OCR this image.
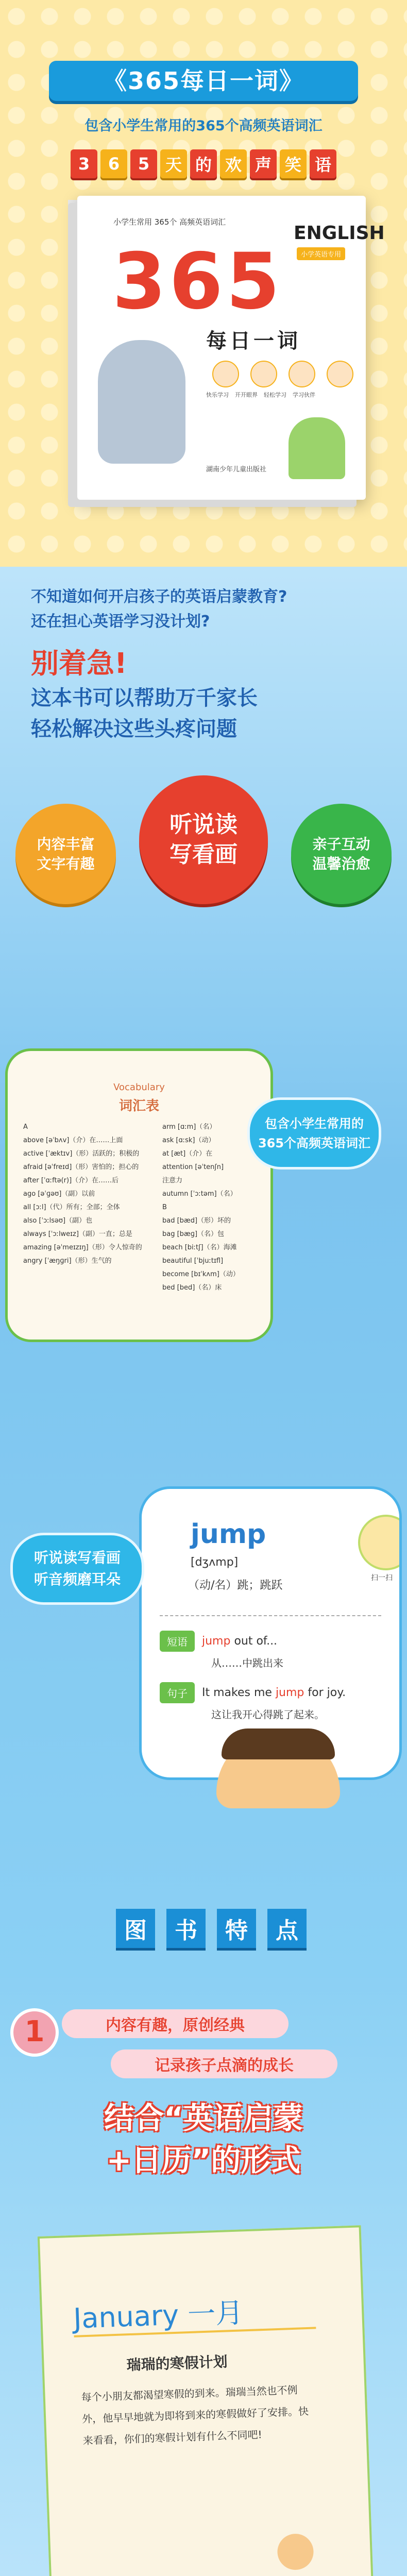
《365每日一词》
包含小学生常用的365个高频英语词汇
3	6	5 天 的 欢 声 笑 语
小学生常用 365个 高频英语词汇
365
ENGLISH
小学英语专用
每日一词
快乐学习 开开眼界 轻松学习 学习伙伴
湖南少年儿童出版社
不知道如何开启孩子的英语启蒙教育?
还在担心英语学习没计划?
别着急!
这本书可以帮助万千家长
轻松解决这些头疼问题
内容丰富
文字有趣
听说读
写看画	亲子互动
温馨治愈
Vocabulary
词汇表
A
above [əˈbʌv]（介）在……上面
active [ˈæktɪv]（形）活跃的；积极的
afraid [əˈfreɪd]（形）害怕的；担心的
after [ˈɑːftə(r)]（介）在……后
ago [əˈɡəʊ]（副）以前
all [ɔːl]（代）所有；全部；全体
also [ˈɔːlsəʊ]（副）也
always [ˈɔːlweɪz]（副）一直；总是
amazing [əˈmeɪzɪŋ]（形）令人惊奇的
angry [ˈæŋɡri]（形）生气的
arm [ɑːm]（名）
ask [ɑːsk]（动）
at [æt]（介）在
attention [əˈtenʃn]
注意力
autumn [ˈɔːtəm]（名）
B
bad [bæd]（形）坏的
bag [bæɡ]（名）包
beach [biːtʃ]（名）海滩
beautiful [ˈbjuːtɪfl]
become [bɪˈkʌm]（动）
bed [bed]（名）床
包含小学生常用的
365个高频英语词汇
jump
[dʒʌmp]
（动/名）跳；跳跃
扫一扫
短语	jump out of...
从……中跳出来
句子	It makes me jump for joy.
这让我开心得跳了起来。
听说读写看画
听音频磨耳朵
图	书	特	点
1	内容有趣，原创经典
记录孩子点滴的成长
结合“英语启蒙
+日历”的形式
January 一月
瑞瑞的寒假计划
每个小朋友都渴望寒假的到来。瑞瑞当然也不例外，他早早地就为即将到来的寒假做好了安排。快来看看，你们的寒假计划有什么不同吧!
